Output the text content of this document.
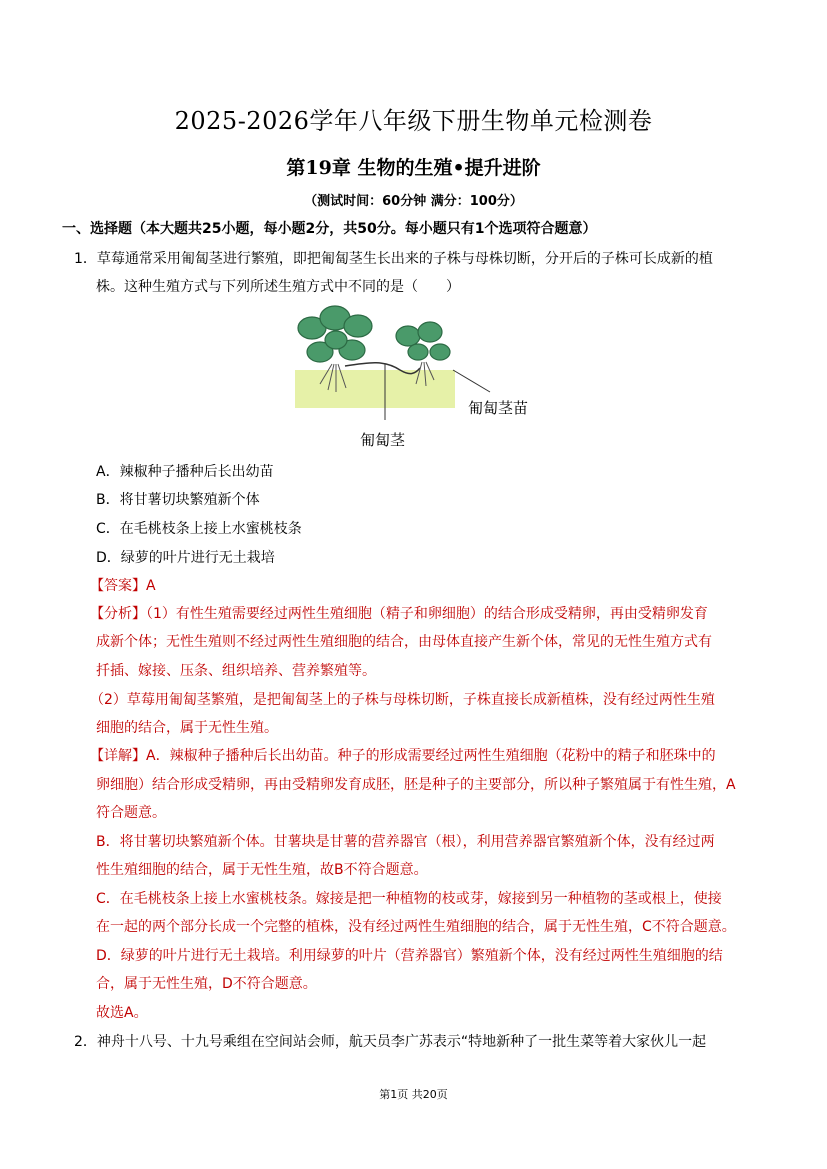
2025-2026学年八年级下册生物单元检测卷
第19章 生物的生殖•提升进阶
（测试时间：60分钟 满分：100分）
一、选择题（本大题共25小题，每小题2分，共50分。每小题只有1个选项符合题意）
1．草莓通常采用匍匐茎进行繁殖，即把匍匐茎生长出来的子株与母株切断，分开后的子株可长成新的植
株。这种生殖方式与下列所述生殖方式中不同的是（　　）
匍匐茎苗
匍匐茎
A．辣椒种子播种后长出幼苗
B．将甘薯切块繁殖新个体
C．在毛桃枝条上接上水蜜桃枝条
D．绿萝的叶片进行无土栽培
【答案】A
【分析】（1）有性生殖需要经过两性生殖细胞（精子和卵细胞）的结合形成受精卵，再由受精卵发育
成新个体；无性生殖则不经过两性生殖细胞的结合，由母体直接产生新个体，常见的无性生殖方式有
扦插、嫁接、压条、组织培养、营养繁殖等。
（2）草莓用匍匐茎繁殖，是把匍匐茎上的子株与母株切断，子株直接长成新植株，没有经过两性生殖
细胞的结合，属于无性生殖。
【详解】A．辣椒种子播种后长出幼苗。种子的形成需要经过两性生殖细胞（花粉中的精子和胚珠中的
卵细胞）结合形成受精卵，再由受精卵发育成胚，胚是种子的主要部分，所以种子繁殖属于有性生殖，A
符合题意。
B．将甘薯切块繁殖新个体。甘薯块是甘薯的营养器官（根），利用营养器官繁殖新个体，没有经过两
性生殖细胞的结合，属于无性生殖，故B不符合题意。
C．在毛桃枝条上接上水蜜桃枝条。嫁接是把一种植物的枝或芽，嫁接到另一种植物的茎或根上，使接
在一起的两个部分长成一个完整的植株，没有经过两性生殖细胞的结合，属于无性生殖，C不符合题意。
D．绿萝的叶片进行无土栽培。利用绿萝的叶片（营养器官）繁殖新个体，没有经过两性生殖细胞的结
合，属于无性生殖，D不符合题意。
故选A。
2．神舟十八号、十九号乘组在空间站会师，航天员李广苏表示“特地新种了一批生菜等着大家伙儿一起
第1页 共20页
